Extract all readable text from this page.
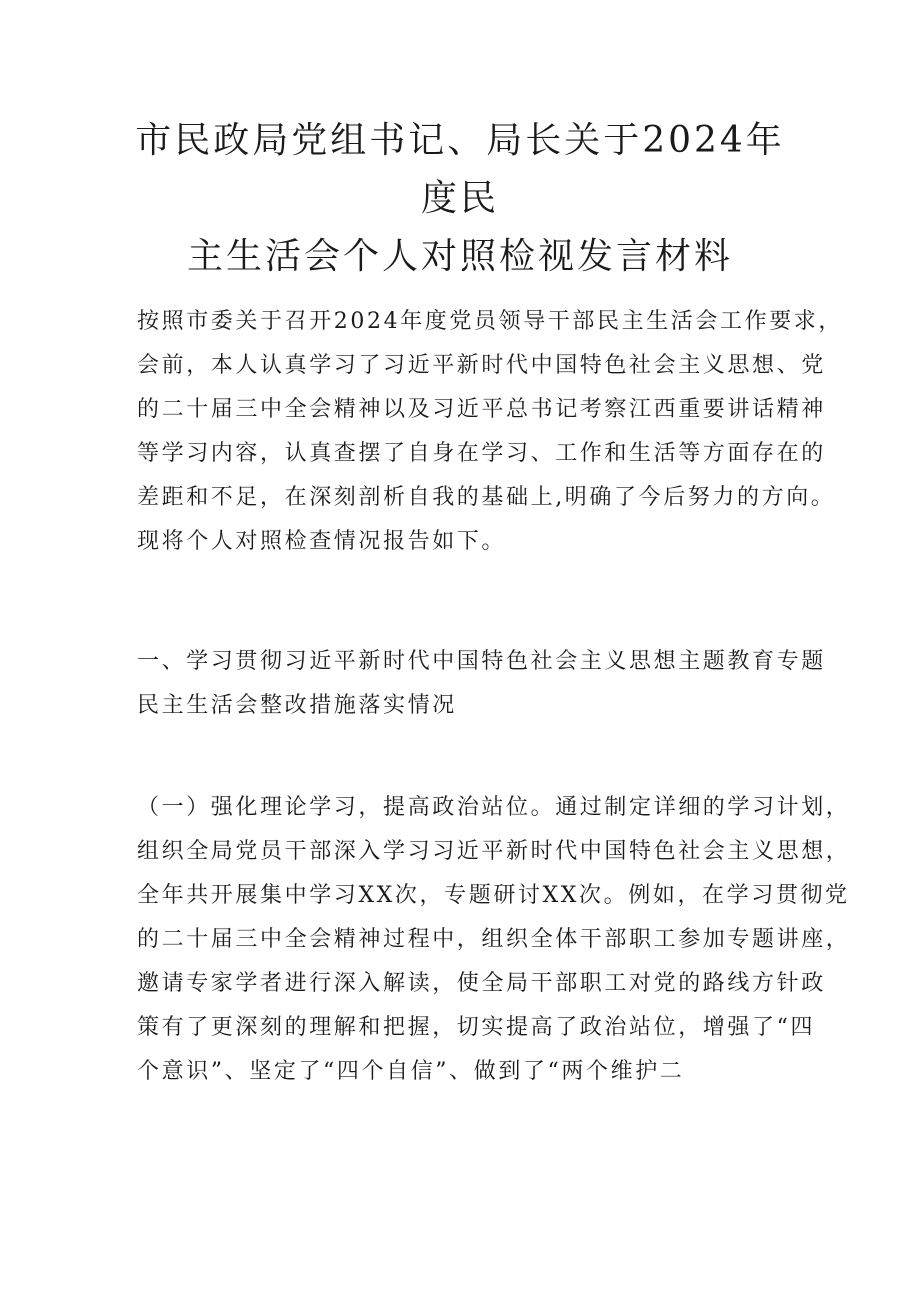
市民政局党组书记、局长关于2024年度民
主生活会个人对照检视发言材料
按照市委关于召开2024年度党员领导干部民主生活会工作要求，
会前，本人认真学习了习近平新时代中国特色社会主义思想、党
的二十届三中全会精神以及习近平总书记考察江西重要讲话精神
等学习内容，认真查摆了自身在学习、工作和生活等方面存在的
差距和不足，在深刻剖析自我的基础上,明确了今后努力的方向。
现将个人对照检查情况报告如下。
一、学习贯彻习近平新时代中国特色社会主义思想主题教育专题
民主生活会整改措施落实情况
（一）强化理论学习，提高政治站位。通过制定详细的学习计划，
组织全局党员干部深入学习习近平新时代中国特色社会主义思想，
全年共开展集中学习XX次，专题研讨XX次。例如，在学习贯彻党
的二十届三中全会精神过程中，组织全体干部职工参加专题讲座，
邀请专家学者进行深入解读，使全局干部职工对党的路线方针政
策有了更深刻的理解和把握，切实提高了政治站位，增强了“四
个意识”、坚定了“四个自信”、做到了“两个维护二
